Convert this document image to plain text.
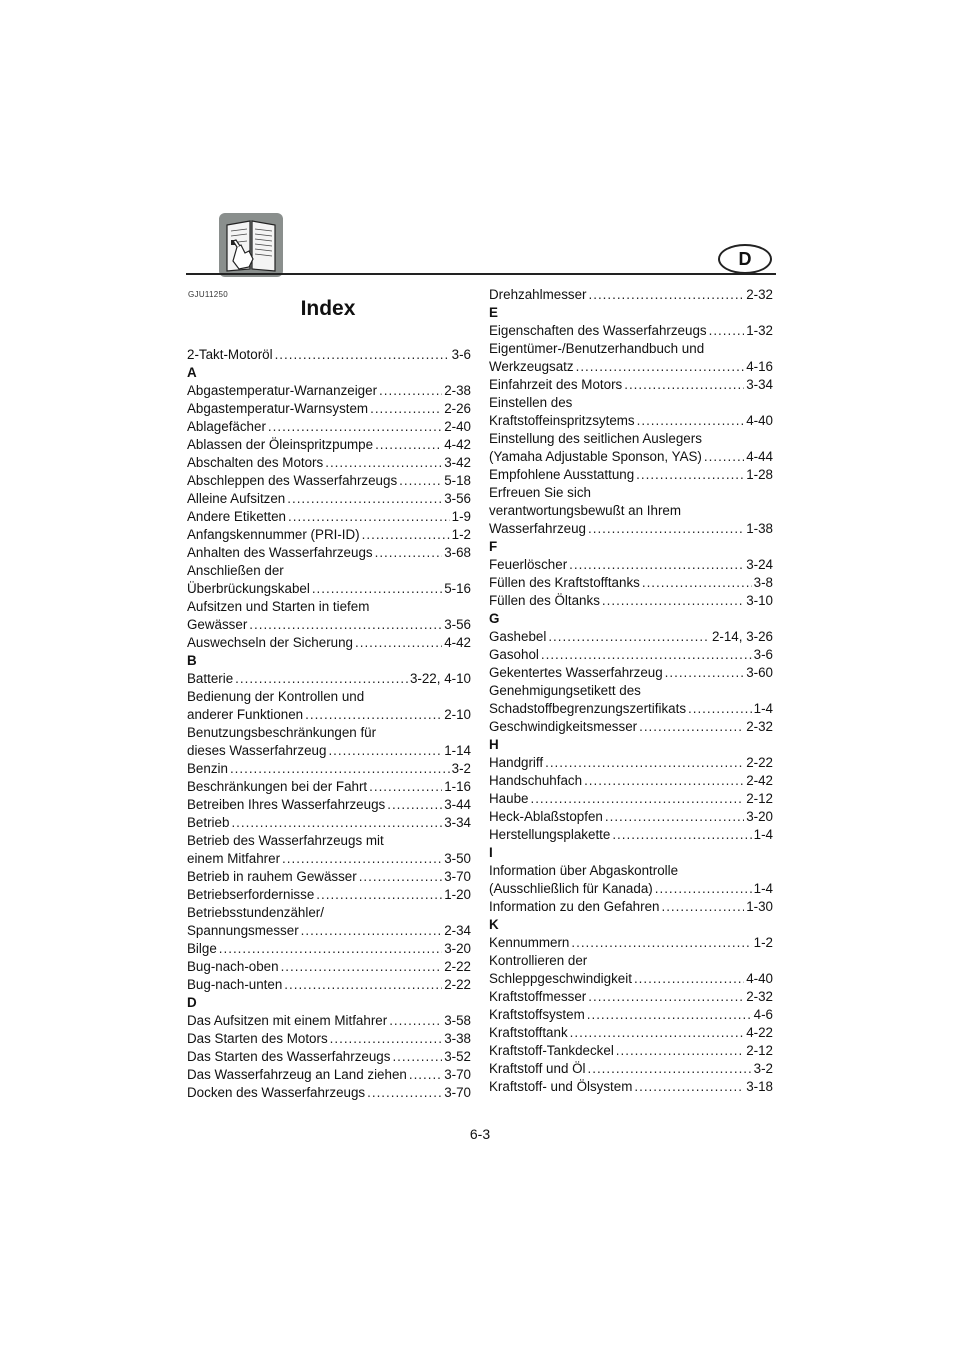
D
GJU11250
Index
2-Takt-Motoröl .....	3-6
A
Abgastemperatur-Warnanzeiger .....	2-38
Abgastemperatur-Warnsystem .....	2-26
Ablagefächer .....	2-40
Ablassen der Öleinspritzpumpe .....	4-42
Abschalten des Motors .....	3-42
Abschleppen des Wasserfahrzeugs .....	5-18
Alleine Aufsitzen .....	3-56
Andere Etiketten .....	1-9
Anfangskennummer (PRI-ID) .....	1-2
Anhalten des Wasserfahrzeugs .....	3-68
Anschließen der
Überbrückungskabel .....	5-16
Aufsitzen und Starten in tiefem
Gewässer .....	3-56
Auswechseln der Sicherung .....	4-42
B
Batterie .....	3-22, 4-10
Bedienung der Kontrollen und
anderer Funktionen .....	2-10
Benutzungsbeschränkungen für
dieses Wasserfahrzeug .....	1-14
Benzin .....	3-2
Beschränkungen bei der Fahrt .....	1-16
Betreiben Ihres Wasserfahrzeugs .....	3-44
Betrieb .....	3-34
Betrieb des Wasserfahrzeugs mit
einem Mitfahrer .....	3-50
Betrieb in rauhem Gewässer .....	3-70
Betriebserfordernisse .....	1-20
Betriebsstundenzähler/
Spannungsmesser .....	2-34
Bilge .....	3-20
Bug-nach-oben .....	2-22
Bug-nach-unten .....	2-22
D
Das Aufsitzen mit einem Mitfahrer .....	3-58
Das Starten des Motors .....	3-38
Das Starten des Wasserfahrzeugs .....	3-52
Das Wasserfahrzeug an Land ziehen .....	3-70
Docken des Wasserfahrzeugs .....	3-70
Drehzahlmesser .....	2-32
E
Eigenschaften des Wasserfahrzeugs .....	1-32
Eigentümer-/Benutzerhandbuch und
Werkzeugsatz .....	4-16
Einfahrzeit des Motors .....	3-34
Einstellen des
Kraftstoffeinspritzsytems .....	4-40
Einstellung des seitlichen Auslegers
(Yamaha Adjustable Sponson, YAS) .....	4-44
Empfohlene Ausstattung .....	1-28
Erfreuen Sie sich
verantwortungsbewußt an Ihrem
Wasserfahrzeug .....	1-38
F
Feuerlöscher .....	3-24
Füllen des Kraftstofftanks .....	3-8
Füllen des Öltanks .....	3-10
G
Gashebel .....	2-14, 3-26
Gasohol .....	3-6
Gekentertes Wasserfahrzeug .....	3-60
Genehmigungsetikett des
Schadstoffbegrenzungszertifikats .....	1-4
Geschwindigkeitsmesser .....	2-32
H
Handgriff .....	2-22
Handschuhfach .....	2-42
Haube .....	2-12
Heck-Ablaßstopfen .....	3-20
Herstellungsplakette .....	1-4
I
Information über Abgaskontrolle
(Ausschließlich für Kanada) .....	1-4
Information zu den Gefahren .....	1-30
K
Kennummern .....	1-2
Kontrollieren der
Schleppgeschwindigkeit .....	4-40
Kraftstoffmesser .....	2-32
Kraftstoffsystem .....	4-6
Kraftstofftank .....	4-22
Kraftstoff-Tankdeckel .....	2-12
Kraftstoff und Öl .....	3-2
Kraftstoff- und Ölsystem .....	3-18
6-3
